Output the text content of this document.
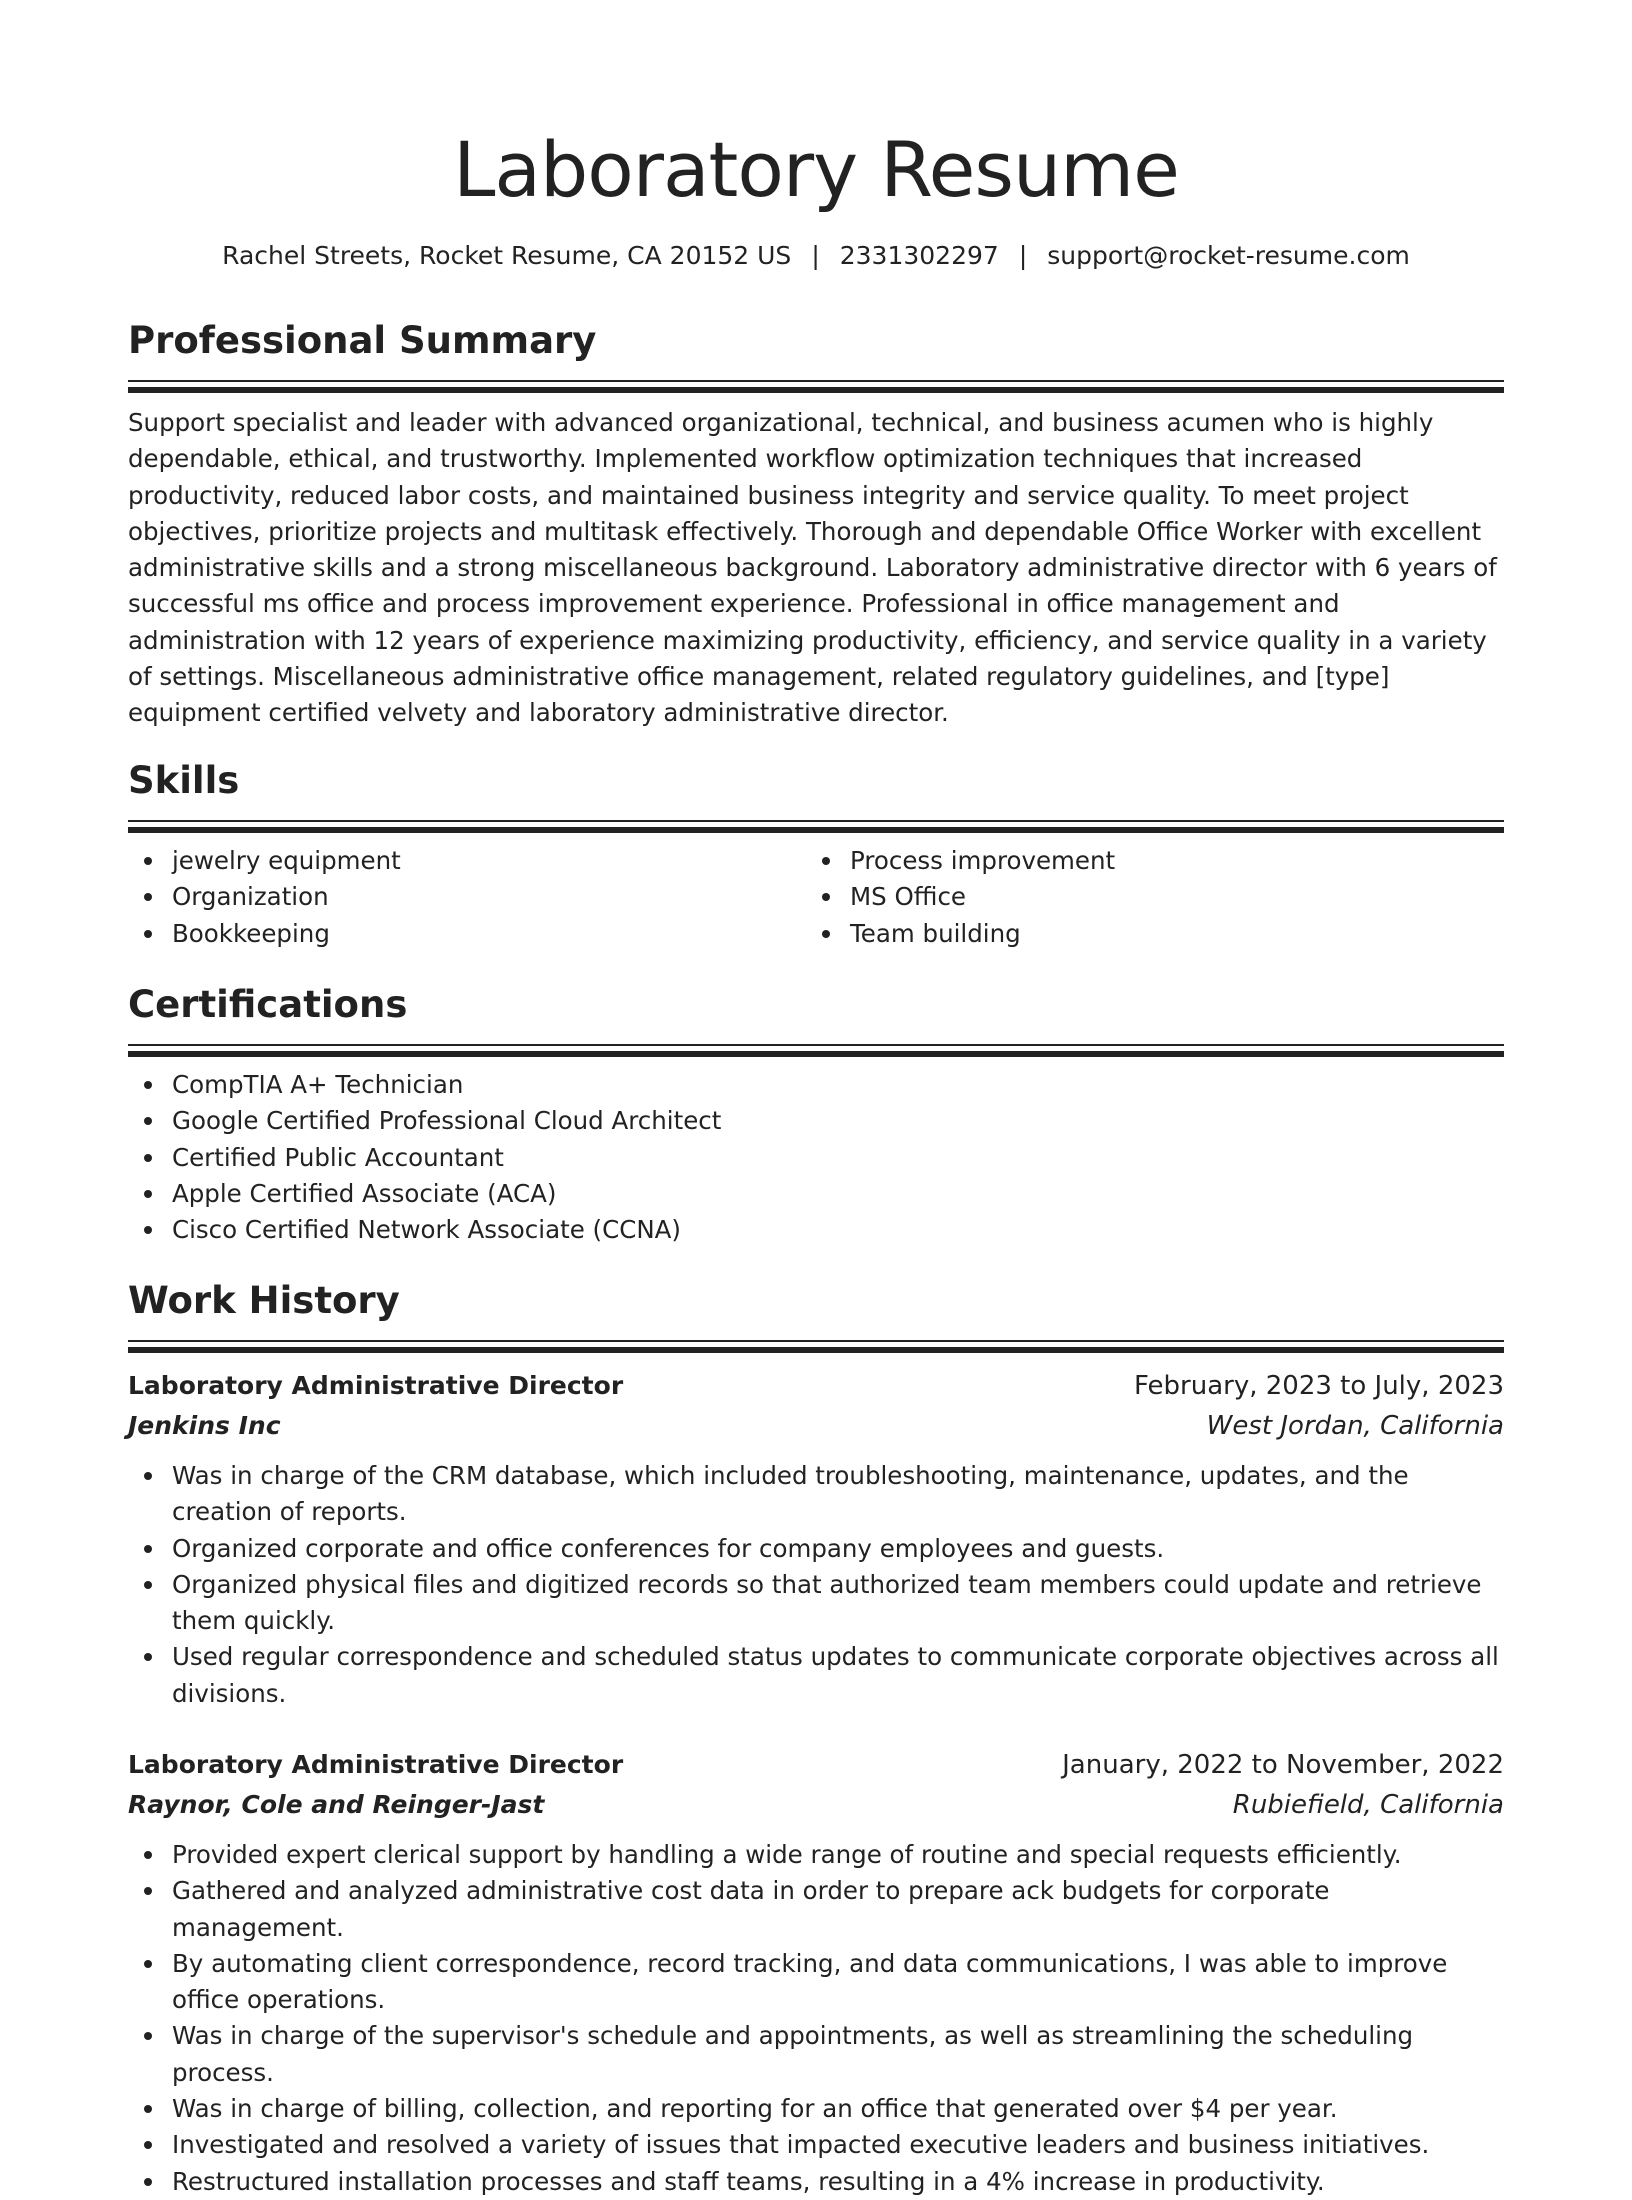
Laboratory Resume
Rachel Streets, Rocket Resume, CA 20152 US | 2331302297 | support@rocket-resume.com
Professional Summary
Support specialist and leader with advanced organizational, technical, and business acumen who is highly dependable, ethical, and trustworthy. Implemented workflow optimization techniques that increased productivity, reduced labor costs, and maintained business integrity and service quality. To meet project objectives, prioritize projects and multitask effectively. Thorough and dependable Office Worker with excellent administrative skills and a strong miscellaneous background. Laboratory administrative director with 6 years of successful ms office and process improvement experience. Professional in office management and administration with 12 years of experience maximizing productivity, efficiency, and service quality in a variety of settings. Miscellaneous administrative office management, related regulatory guidelines, and [type] equipment certified velvety and laboratory administrative director.
Skills
jewelry equipment
Organization
Bookkeeping
Process improvement
MS Office
Team building
Certifications
CompTIA A+ Technician
Google Certified Professional Cloud Architect
Certified Public Accountant
Apple Certified Associate (ACA)
Cisco Certified Network Associate (CCNA)
Work History
Laboratory Administrative Director	February, 2023 to July, 2023
Jenkins Inc	West Jordan, California
Was in charge of the CRM database, which included troubleshooting, maintenance, updates, and the creation of reports.
Organized corporate and office conferences for company employees and guests.
Organized physical files and digitized records so that authorized team members could update and retrieve them quickly.
Used regular correspondence and scheduled status updates to communicate corporate objectives across all divisions.
Laboratory Administrative Director	January, 2022 to November, 2022
Raynor, Cole and Reinger-Jast	Rubiefield, California
Provided expert clerical support by handling a wide range of routine and special requests efficiently.
Gathered and analyzed administrative cost data in order to prepare ack budgets for corporate management.
By automating client correspondence, record tracking, and data communications, I was able to improve office operations.
Was in charge of the supervisor's schedule and appointments, as well as streamlining the scheduling process.
Was in charge of billing, collection, and reporting for an office that generated over $4 per year.
Investigated and resolved a variety of issues that impacted executive leaders and business initiatives.
Restructured installation processes and staff teams, resulting in a 4% increase in productivity.
